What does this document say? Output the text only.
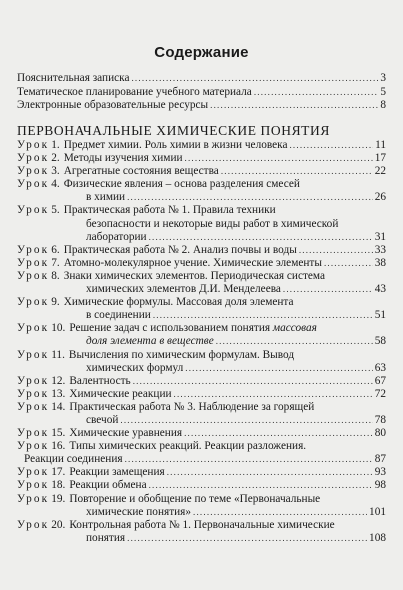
Содержание
Пояснительная записка .....	3
Тематическое планирование учебного материала .....	5
Электронные образовательные ресурсы .....	8
ПЕРВОНАЧАЛЬНЫЕ ХИМИЧЕСКИЕ ПОНЯТИЯ
Урок 1. Предмет химии. Роль химии в жизни человека .....	11
Урок 2. Методы изучения химии .....	17
Урок 3. Агрегатные состояния вещества .....	22
Урок 4. Физические явления – основа разделения смесей
в химии .....	26
Урок 5. Практическая работа № 1. Правила техники
безопасности и некоторые виды работ в химической
лаборатории .....	31
Урок 6. Практическая работа № 2. Анализ почвы и воды .....	33
Урок 7. Атомно-молекулярное учение. Химические элементы .....	38
Урок 8. Знаки химических элементов. Периодическая система
химических элементов Д.И. Менделеева .....	43
Урок 9. Химические формулы. Массовая доля элемента
в соединении .....	51
Урок 10. Решение задач с использованием понятия
массовая
доля элемента в веществе .....	58
Урок 11. Вычисления по химическим формулам. Вывод
химических формул .....	63
Урок 12. Валентность .....	67
Урок 13. Химические реакции .....	72
Урок 14. Практическая работа № 3. Наблюдение за горящей
свечой .....	78
Урок 15. Химические уравнения .....	80
Урок 16. Типы химических реакций. Реакции разложения.
Реакции соединения .....	87
Урок 17. Реакции замещения .....	93
Урок 18. Реакции обмена .....	98
Урок 19. Повторение и обобщение по теме «Первоначальные
химические понятия» .....	101
Урок 20. Контрольная работа № 1. Первоначальные химические
понятия .....	108
